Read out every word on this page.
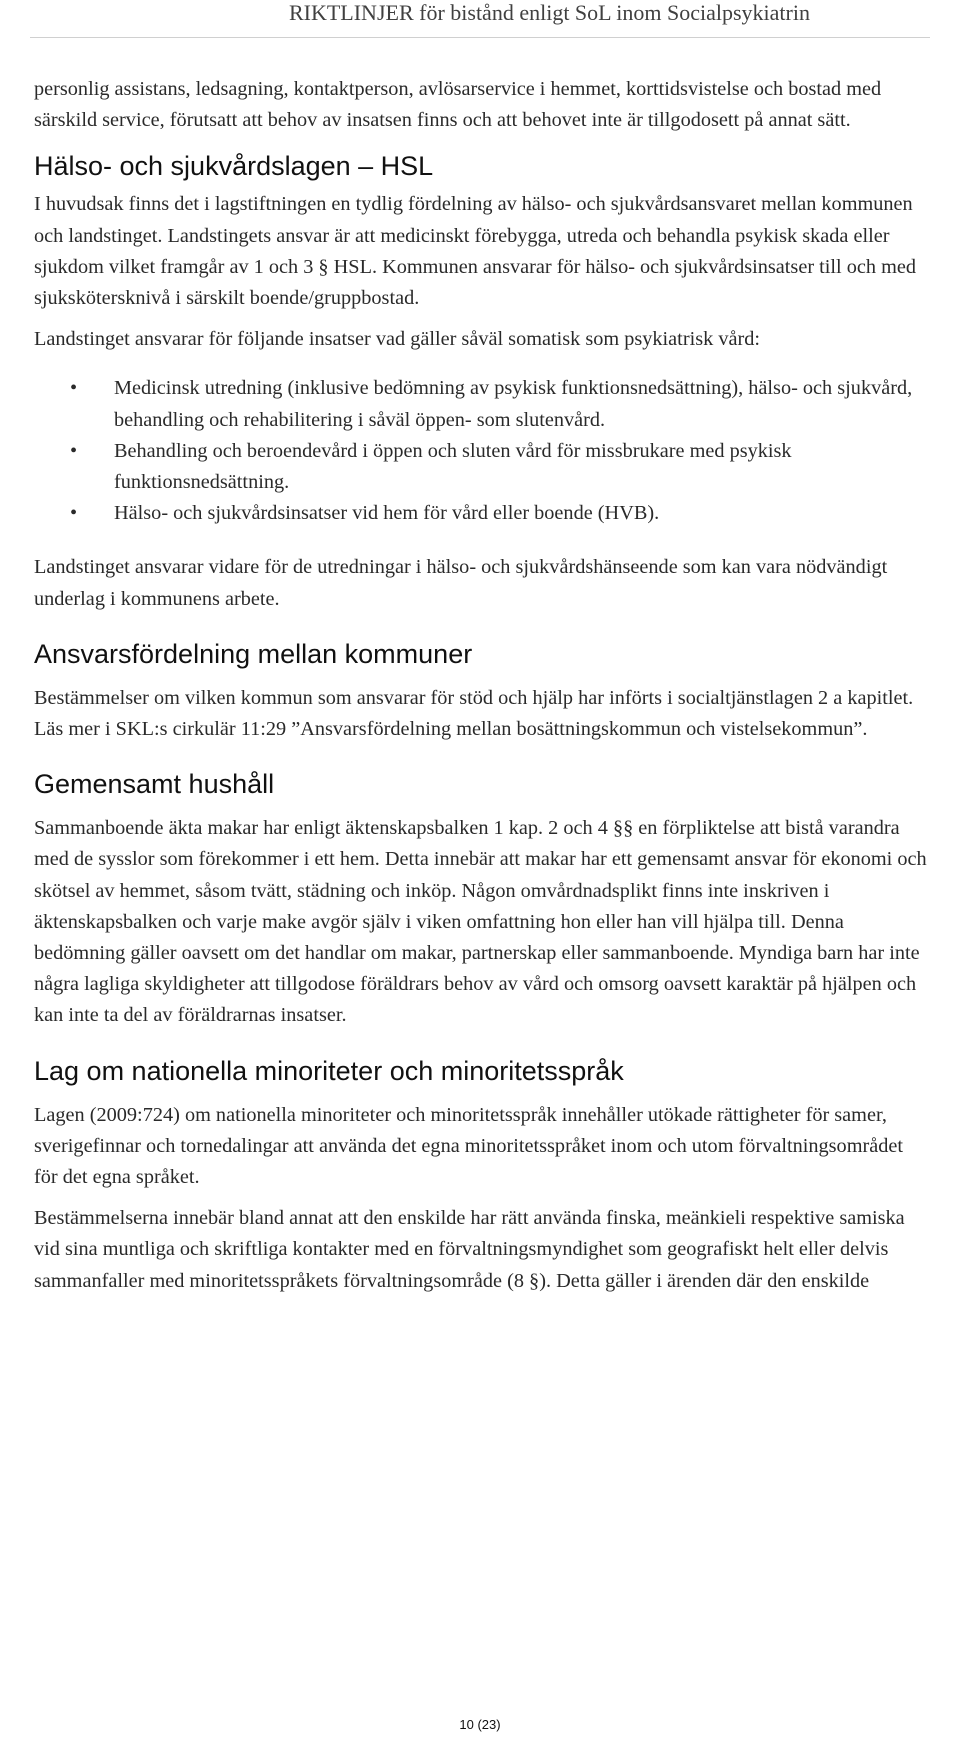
RIKTLINJER för bistånd enligt SoL inom Socialpsykiatrin

personlig assistans, ledsagning, kontaktperson, avlösarservice i hemmet, korttidsvistelse och bostad med särskild service, förutsatt att behov av insatsen finns och att behovet inte är tillgodosett på annat sätt.

Hälso- och sjukvårdslagen – HSL

I huvudsak finns det i lagstiftningen en tydlig fördelning av hälso- och sjukvårdsansvaret mellan kommunen och landstinget. Landstingets ansvar är att medicinskt förebygga, utreda och behandla psykisk skada eller sjukdom vilket framgår av 1 och 3 § HSL. Kommunen ansvarar för hälso- och sjukvårdsinsatser till och med sjukskötersknivå i särskilt boende/gruppbostad.

Landstinget ansvarar för följande insatser vad gäller såväl somatisk som psykiatrisk vård:

• Medicinsk utredning (inklusive bedömning av psykisk funktionsnedsättning), hälso- och sjukvård, behandling och rehabilitering i såväl öppen- som slutenvård.
• Behandling och beroendevård i öppen och sluten vård för missbrukare med psykisk funktionsnedsättning.
• Hälso- och sjukvårdsinsatser vid hem för vård eller boende (HVB).

Landstinget ansvarar vidare för de utredningar i hälso- och sjukvårdshänseende som kan vara nödvändigt underlag i kommunens arbete.

Ansvarsfördelning mellan kommuner

Bestämmelser om vilken kommun som ansvarar för stöd och hjälp har införts i socialtjänstlagen 2 a kapitlet. Läs mer i SKL:s cirkulär 11:29 ”Ansvarsfördelning mellan bosättningskommun och vistelsekommun”.

Gemensamt hushåll

Sammanboende äkta makar har enligt äktenskapsbalken 1 kap. 2 och 4 §§ en förpliktelse att bistå varandra med de sysslor som förekommer i ett hem. Detta innebär att makar har ett gemensamt ansvar för ekonomi och skötsel av hemmet, såsom tvätt, städning och inköp. Någon omvårdnadsplikt finns inte inskriven i äktenskapsbalken och varje make avgör själv i viken omfattning hon eller han vill hjälpa till. Denna bedömning gäller oavsett om det handlar om makar, partnerskap eller sammanboende. Myndiga barn har inte några lagliga skyldigheter att tillgodose föräldrars behov av vård och omsorg oavsett karaktär på hjälpen och kan inte ta del av föräldrarnas insatser.

Lag om nationella minoriteter och minoritetsspråk

Lagen (2009:724) om nationella minoriteter och minoritetsspråk innehåller utökade rättigheter för samer, sverigefinnar och tornedalingar att använda det egna minoritetsspråket inom och utom förvaltningsområdet för det egna språket.

Bestämmelserna innebär bland annat att den enskilde har rätt använda finska, meänkieli respektive samiska vid sina muntliga och skriftliga kontakter med en förvaltningsmyndighet som geografiskt helt eller delvis sammanfaller med minoritetsspråkets förvaltningsområde (8 §). Detta gäller i ärenden där den enskilde

10 (23)
